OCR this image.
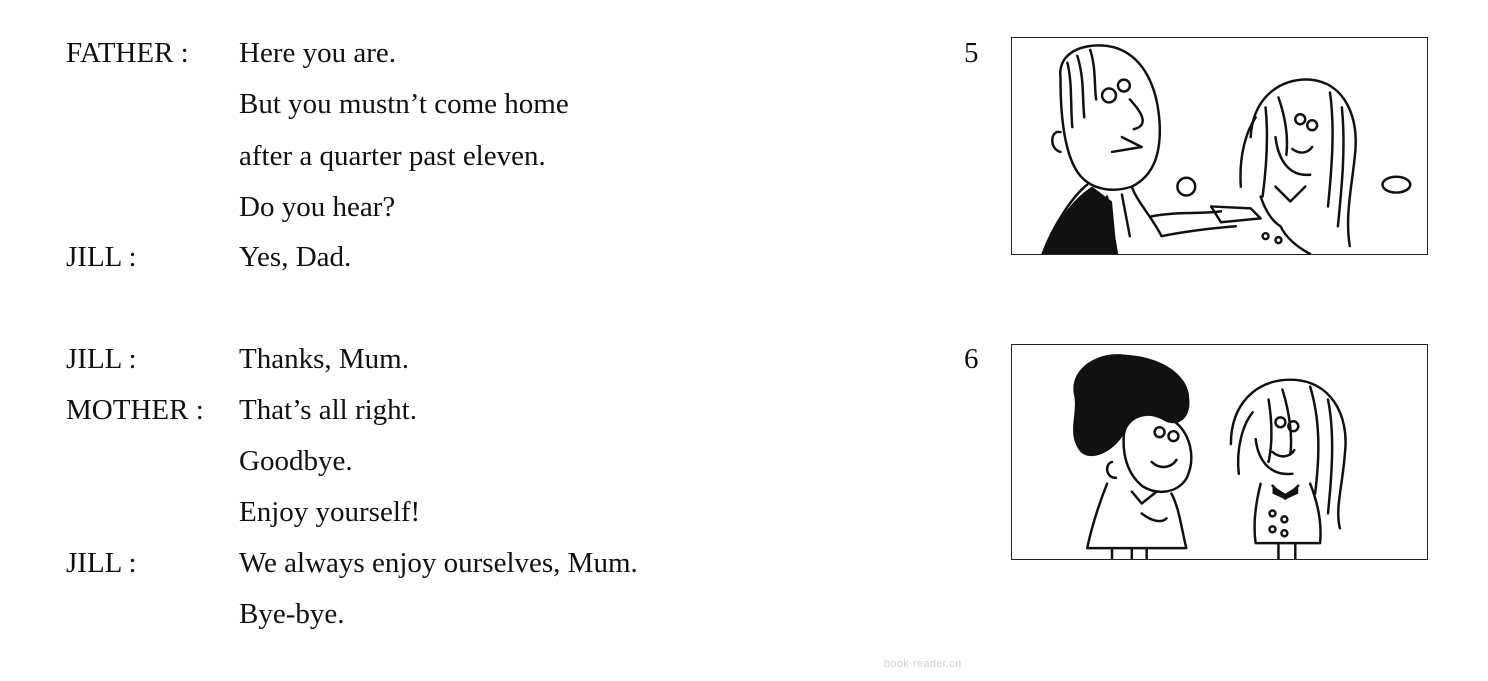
FATHER : Here you are.
But you mustn’t come home
after a quarter past eleven.
Do you hear?
JILL :	Yes, Dad.
JILL :	Thanks, Mum.
MOTHER : That’s all right.
Goodbye.
Enjoy yourself!
JILL :	We always enjoy ourselves, Mum.
Bye-bye.
5
6
book-reader.cn
